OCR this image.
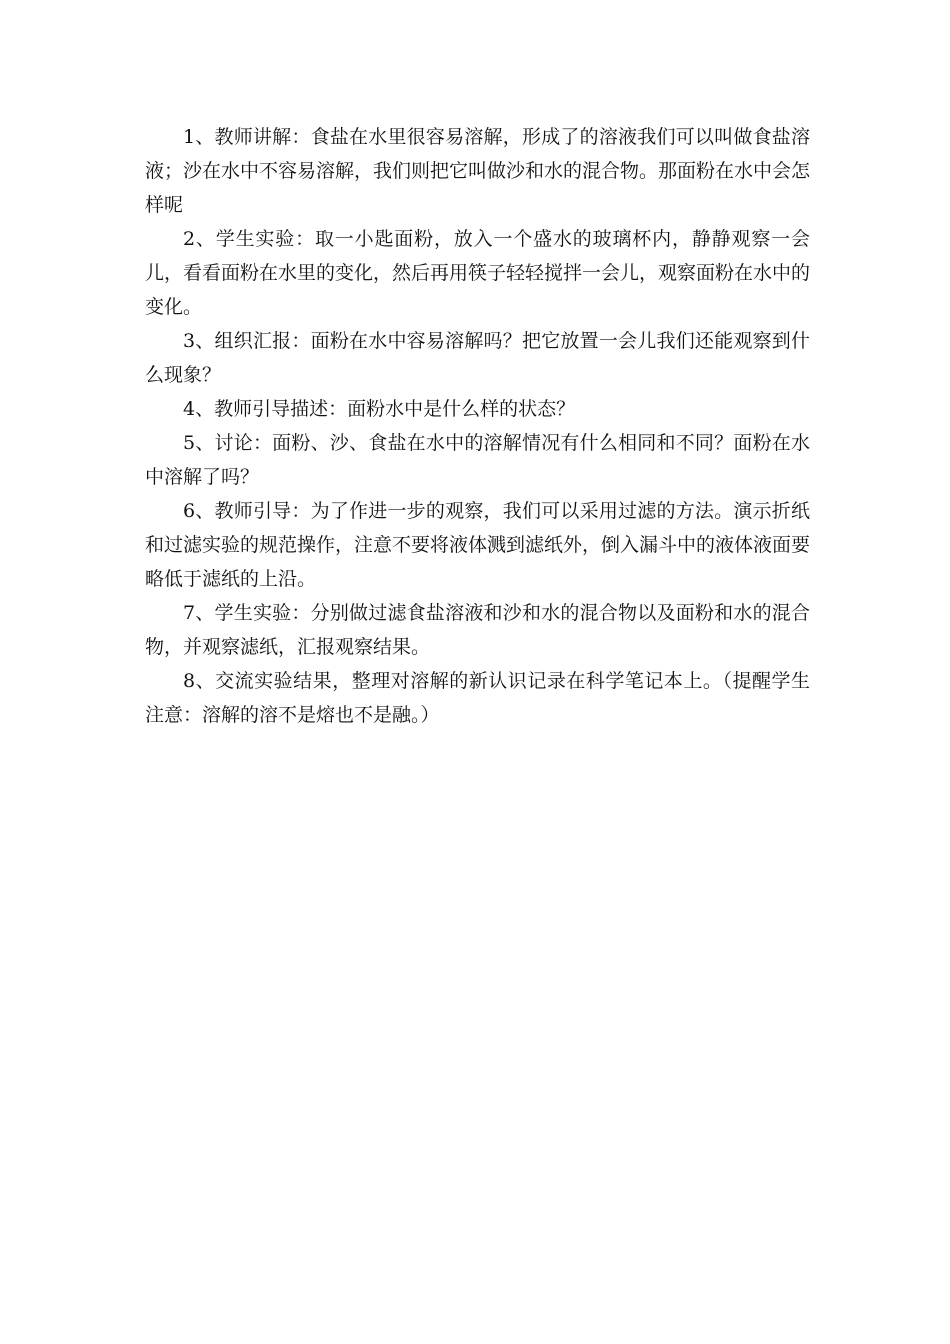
1、教师讲解：食盐在水里很容易溶解，形成了的溶液我们可以叫做食盐溶液；沙在水中不容易溶解，我们则把它叫做沙和水的混合物。那面粉在水中会怎样呢

2、学生实验：取一小匙面粉，放入一个盛水的玻璃杯内，静静观察一会儿，看看面粉在水里的变化，然后再用筷子轻轻搅拌一会儿，观察面粉在水中的变化。

3、组织汇报：面粉在水中容易溶解吗？把它放置一会儿我们还能观察到什么现象？

4、教师引导描述：面粉水中是什么样的状态？

5、讨论：面粉、沙、食盐在水中的溶解情况有什么相同和不同？面粉在水中溶解了吗？

6、教师引导：为了作进一步的观察，我们可以采用过滤的方法。演示折纸和过滤实验的规范操作，注意不要将液体溅到滤纸外，倒入漏斗中的液体液面要略低于滤纸的上沿。

7、学生实验：分别做过滤食盐溶液和沙和水的混合物以及面粉和水的混合物，并观察滤纸，汇报观察结果。

8、交流实验结果，整理对溶解的新认识记录在科学笔记本上。（提醒学生注意：溶解的溶不是熔也不是融。）
